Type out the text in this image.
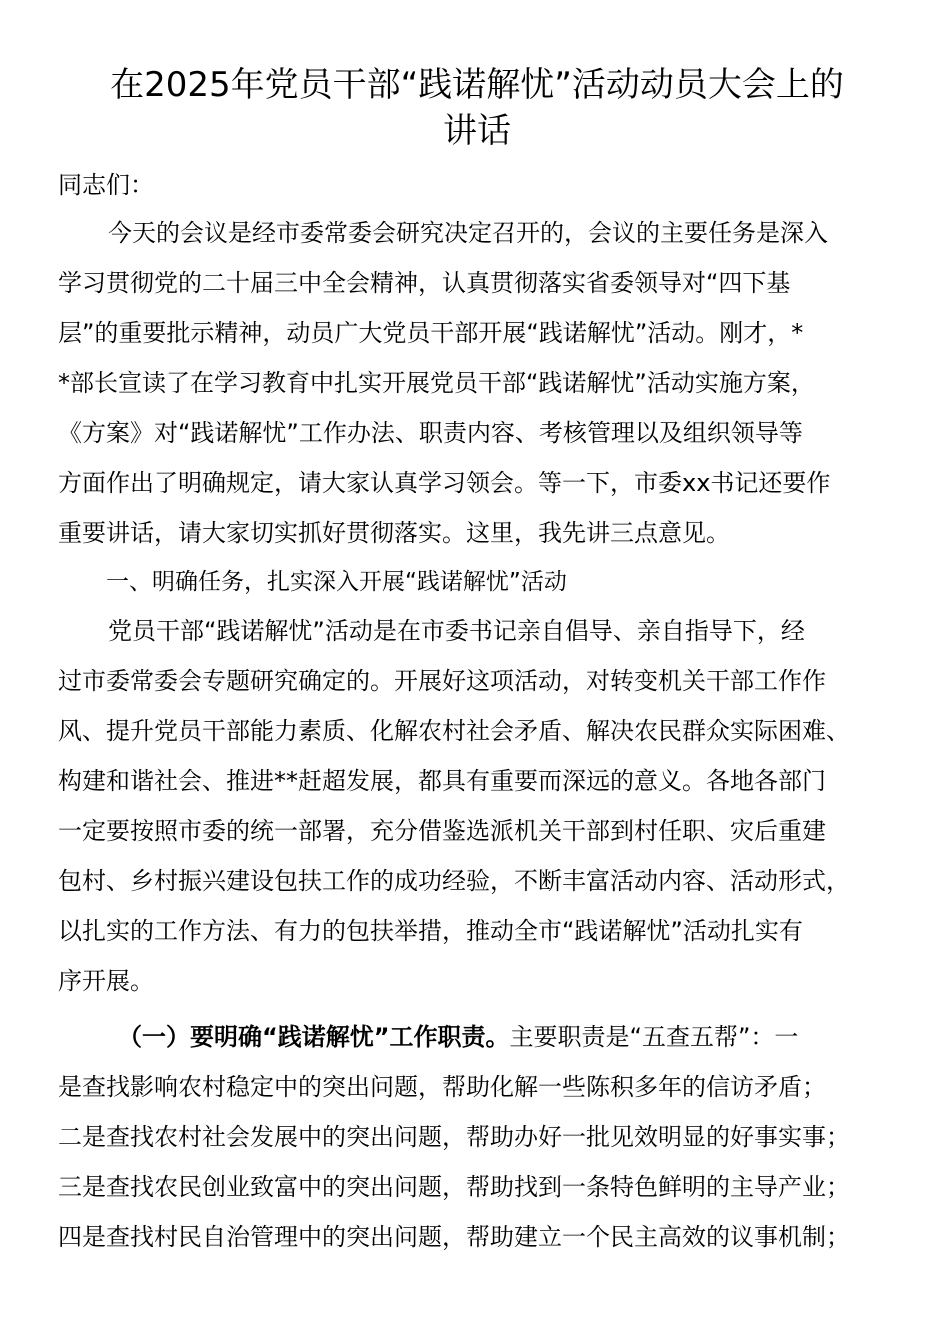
在2025年党员干部“践诺解忧”活动动员大会上的
讲话

同志们：

今天的会议是经市委常委会研究决定召开的，会议的主要任务是深入
学习贯彻党的二十届三中全会精神，认真贯彻落实省委领导对“四下基
层”的重要批示精神，动员广大党员干部开展“践诺解忧”活动。刚才，*
*部长宣读了在学习教育中扎实开展党员干部“践诺解忧”活动实施方案，
《方案》对“践诺解忧”工作办法、职责内容、考核管理以及组织领导等
方面作出了明确规定，请大家认真学习领会。等一下，市委xx书记还要作
重要讲话，请大家切实抓好贯彻落实。这里，我先讲三点意见。

一、明确任务，扎实深入开展“践诺解忧”活动

党员干部“践诺解忧”活动是在市委书记亲自倡导、亲自指导下，经
过市委常委会专题研究确定的。开展好这项活动，对转变机关干部工作作
风、提升党员干部能力素质、化解农村社会矛盾、解决农民群众实际困难、
构建和谐社会、推进**赶超发展，都具有重要而深远的意义。各地各部门
一定要按照市委的统一部署，充分借鉴选派机关干部到村任职、灾后重建
包村、乡村振兴建设包扶工作的成功经验，不断丰富活动内容、活动形式，
以扎实的工作方法、有力的包扶举措，推动全市“践诺解忧”活动扎实有
序开展。
（一）要明确“践诺解忧”工作职责。主要职责是“五查五帮”：一
是查找影响农村稳定中的突出问题，帮助化解一些陈积多年的信访矛盾；
二是查找农村社会发展中的突出问题，帮助办好一批见效明显的好事实事；
三是查找农民创业致富中的突出问题，帮助找到一条特色鲜明的主导产业；
四是查找村民自治管理中的突出问题，帮助建立一个民主高效的议事机制；
